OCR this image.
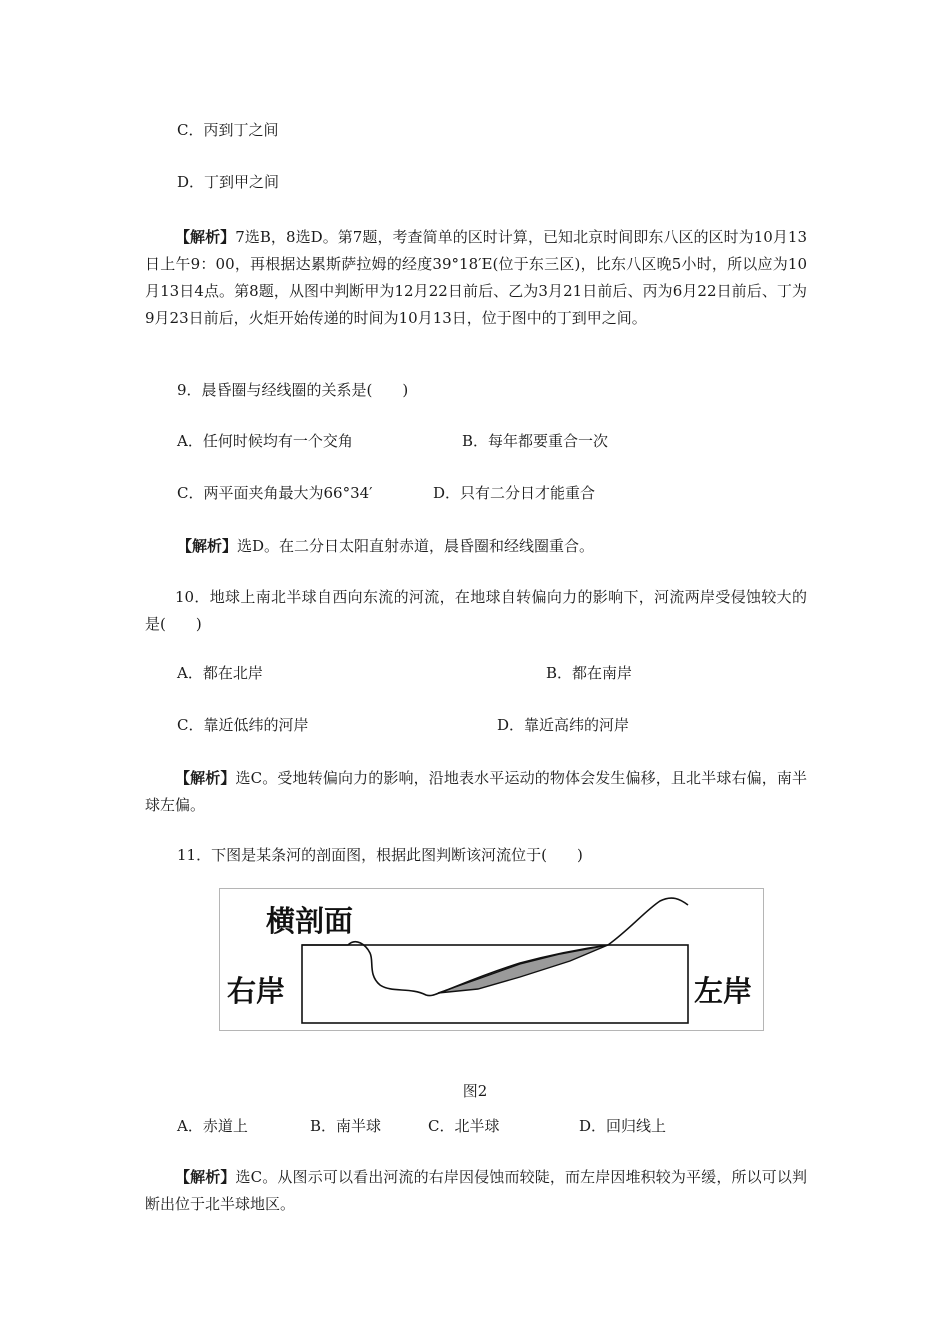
C．丙到丁之间

D．丁到甲之间

【解析】7选B，8选D。第7题，考查简单的区时计算，已知北京时间即东八区的区时为10月13日上午9：00，再根据达累斯萨拉姆的经度39°18′E(位于东三区)，比东八区晚5小时，所以应为10月13日4点。第8题，从图中判断甲为12月22日前后、乙为3月21日前后、丙为6月22日前后、丁为9月23日前后，火炬开始传递的时间为10月13日，位于图中的丁到甲之间。

9．晨昏圈与经线圈的关系是(　　)

A．任何时候均有一个交角	B．每年都要重合一次

C．两平面夹角最大为66°34′	D．只有二分日才能重合

【解析】选D。在二分日太阳直射赤道，晨昏圈和经线圈重合。

10．地球上南北半球自西向东流的河流，在地球自转偏向力的影响下，河流两岸受侵蚀较大的是(　　)

A．都在北岸	B．都在南岸

C．靠近低纬的河岸	D．靠近高纬的河岸

【解析】选C。受地转偏向力的影响，沿地表水平运动的物体会发生偏移，且北半球右偏，南半球左偏。

11．下图是某条河的剖面图，根据此图判断该河流位于(　　)

横剖面
右岸	左岸

图2

A．赤道上	B．南半球	C．北半球	D．回归线上

【解析】选C。从图示可以看出河流的右岸因侵蚀而较陡，而左岸因堆积较为平缓，所以可以判断出位于北半球地区。
